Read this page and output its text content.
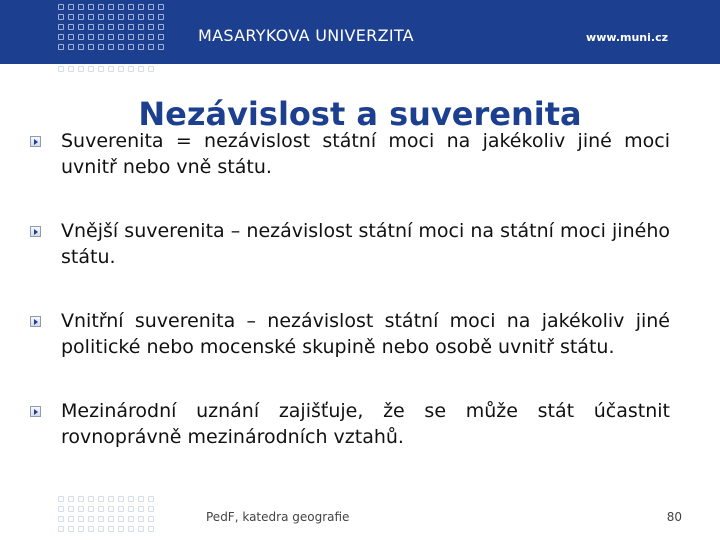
MASARYKOVA UNIVERZITA	www.muni.cz
Nezávislost a suverenita
Suverenita = nezávislost státní moci na jakékoliv jiné moci uvnitř nebo vně státu.
Vnější suverenita – nezávislost státní moci na státní moci jiného státu.
Vnitřní suverenita – nezávislost státní moci na jakékoliv jiné politické nebo mocenské skupině nebo osobě uvnitř státu.
Mezinárodní uznání zajišťuje, že se může stát účastnit rovnoprávně mezinárodních vztahů.
PedF, katedra geografie	80
